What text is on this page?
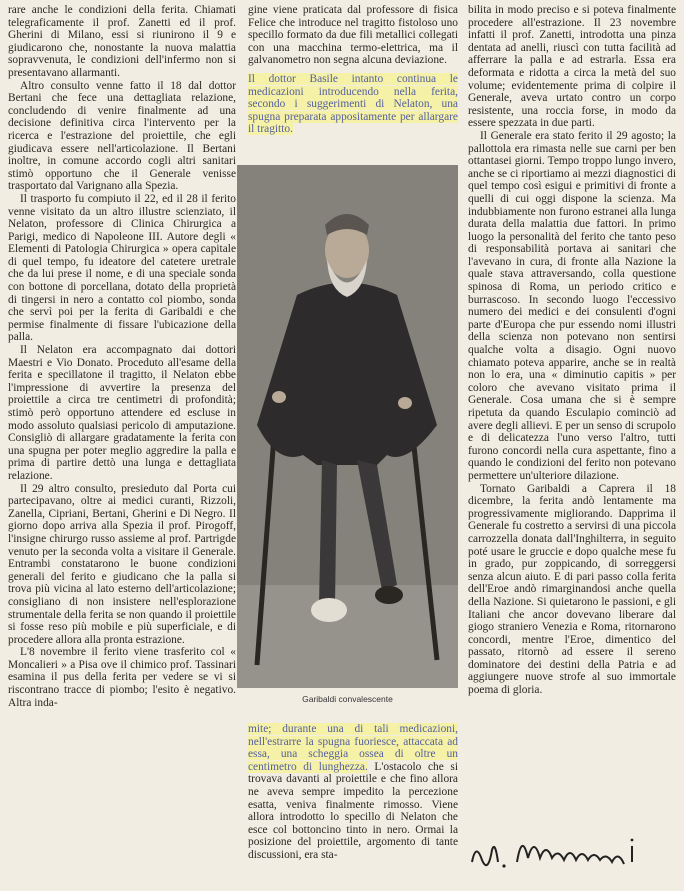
rare anche le condizioni della ferita. Chiamati telegraficamente il prof. Zanetti ed il prof. Gherini di Milano, essi si riunirono il 9 e giudicarono che, nonostante la nuova malattia sopravvenuta, le condizioni dell'infermo non si presentavano allarmanti.

Altro consulto venne fatto il 18 dal dottor Bertani che fece una dettagliata relazione, concludendo di venire finalmente ad una decisione definitiva circa l'intervento per la ricerca e l'estrazione del proiettile, che egli giudicava essere nell'articolazione. Il Bertani inoltre, in comune accordo cogli altri sanitari stimò opportuno che il Generale venisse trasportato dal Varignano alla Spezia.

Il trasporto fu compiuto il 22, ed il 28 il ferito venne visitato da un altro illustre scienziato, il Nelaton, professore di Clinica Chirurgica a Parigi, medico di Napoleone III. Autore degli « Elementi di Patologia Chirurgica » opera capitale di quel tempo, fu ideatore del catetere uretrale che da lui prese il nome, e di una speciale sonda con bottone di porcellana, dotato della proprietà di tingersi in nero a contatto col piombo, sonda che servì poi per la ferita di Garibaldi e che permise finalmente di fissare l'ubicazione della palla.

Il Nelaton era accompagnato dai dottori Maestri e Vio Donato. Proceduto all'esame della ferita e specillatone il tragitto, il Nelaton ebbe l'impressione di avvertire la presenza del proiettile a circa tre centimetri di profondità; stimò però opportuno attendere ed escluse in modo assoluto qualsiasi pericolo di amputazione. Consigliò di allargare gradatamente la ferita con una spugna per poter meglio aggredire la palla e prima di partire dettò una lunga e dettagliata relazione.

Il 29 altro consulto, presieduto dal Porta cui partecipavano, oltre ai medici curanti, Rizzoli, Zanella, Cipriani, Bertani, Gherini e Di Negro. Il giorno dopo arriva alla Spezia il prof. Pirogoff, l'insigne chirurgo russo assieme al prof. Partrigde venuto per la seconda volta a visitare il Generale. Entrambi constatarono le buone condizioni generali del ferito e giudicano che la palla si trova più vicina al lato esterno dell'articolazione; consigliano di non insistere nell'esplorazione strumentale della ferita se non quando il proiettile si fosse reso più mobile e più superficiale, e di procedere allora alla pronta estrazione.

L'8 novembre il ferito viene trasferito col « Moncalieri » a Pisa ove il chimico prof. Tassinari esamina il pus della ferita per vedere se vi si riscontrano tracce di piombo; l'esito è negativo. Altra inda-

gine viene praticata dal professore di fisica Felice che introduce nel tragitto fistoloso uno specillo formato da due fili metallici collegati con una macchina termo-elettrica, ma il galvanometro non segna alcuna deviazione.

Il dottor Basile intanto continua le medicazioni introducendo nella ferita, secondo i suggerimenti di Nelaton, una spugna preparata appositamente per allargare il tragitto.

Garibaldi convalescente

mite; durante una di tali medicazioni, nell'estrarre la spugna fuoriesce, attaccata ad essa, una scheggia ossea di oltre un centimetro di lunghezza. L'ostacolo che si trovava davanti al proiettile e che fino allora ne aveva sempre impedito la percezione esatta, veniva finalmente rimosso. Viene allora introdotto lo specillo di Nelaton che esce col bottoncino tinto in nero. Ormai la posizione del proiettile, argomento di tante discussioni, era sta-

bilita in modo preciso e si poteva finalmente procedere all'estrazione. Il 23 novembre infatti il prof. Zanetti, introdotta una pinza dentata ad anelli, riuscì con tutta facilità ad afferrare la palla e ad estrarla. Essa era deformata e ridotta a circa la metà del suo volume; evidentemente prima di colpire il Generale, aveva urtato contro un corpo resistente, una roccia forse, in modo da essere spezzata in due parti.

Il Generale era stato ferito il 29 agosto; la pallottola era rimasta nelle sue carni per ben ottantasei giorni. Tempo troppo lungo invero, anche se ci riportiamo ai mezzi diagnostici di quel tempo così esigui e primitivi di fronte a quelli di cui oggi dispone la scienza. Ma indubbiamente non furono estranei alla lunga durata della malattia due fattori. In primo luogo la personalità del ferito che tanto peso di responsabilità portava ai sanitari che l'avevano in cura, di fronte alla Nazione la quale stava attraversando, colla questione spinosa di Roma, un periodo critico e burrascoso. In secondo luogo l'eccessivo numero dei medici e dei consulenti d'ogni parte d'Europa che pur essendo nomi illustri della scienza non potevano non sentirsi qualche volta a disagio. Ogni nuovo chiamato poteva apparire, anche se in realtà non lo era, una « diminutio capitis » per coloro che avevano visitato prima il Generale. Cosa umana che si è sempre ripetuta da quando Esculapio cominciò ad avere degli allievi. E per un senso di scrupolo e di delicatezza l'uno verso l'altro, tutti furono concordi nella cura aspettante, fino a quando le condizioni del ferito non potevano permettere un'ulteriore dilazione.

Tornato Garibaldi a Caprera il 18 dicembre, la ferita andò lentamente ma progressivamente migliorando. Dapprima il Generale fu costretto a servirsi di una piccola carrozzella donata dall'Inghilterra, in seguito poté usare le gruccie e dopo qualche mese fu in grado, pur zoppicando, di sorreggersi senza alcun aiuto. E di pari passo colla ferita dell'Eroe andò rimarginandosi anche quella della Nazione. Si quietarono le passioni, e gli Italiani che ancor dovevano liberare dal giogo straniero Venezia e Roma, ritornarono concordi, mentre l'Eroe, dimentico del passato, ritornò ad essere il sereno dominatore dei destini della Patria e ad aggiungere nuove strofe al suo immortale poema di gloria.
